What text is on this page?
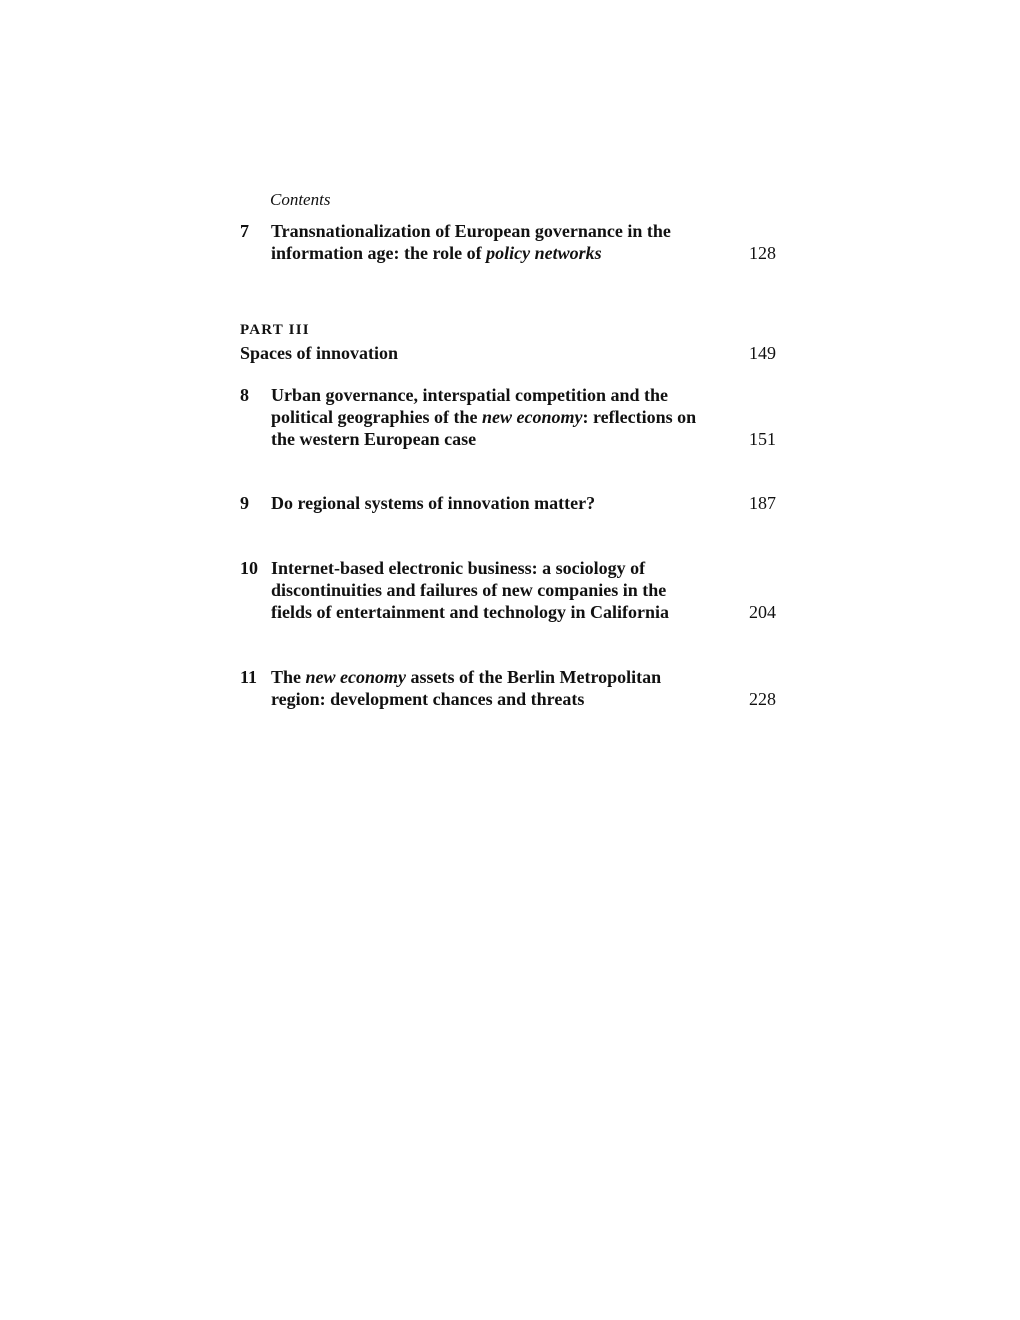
Contents
7	Transnationalization of European governance in the information age: the role of policy networks	128
PART III
Spaces of innovation	149
8	Urban governance, interspatial competition and the political geographies of the new economy: reflections on the western European case	151
9	Do regional systems of innovation matter?	187
10 Internet-based electronic business: a sociology of discontinuities and failures of new companies in the fields of entertainment and technology in California	204
11 The new economy assets of the Berlin Metropolitan region: development chances and threats	228
